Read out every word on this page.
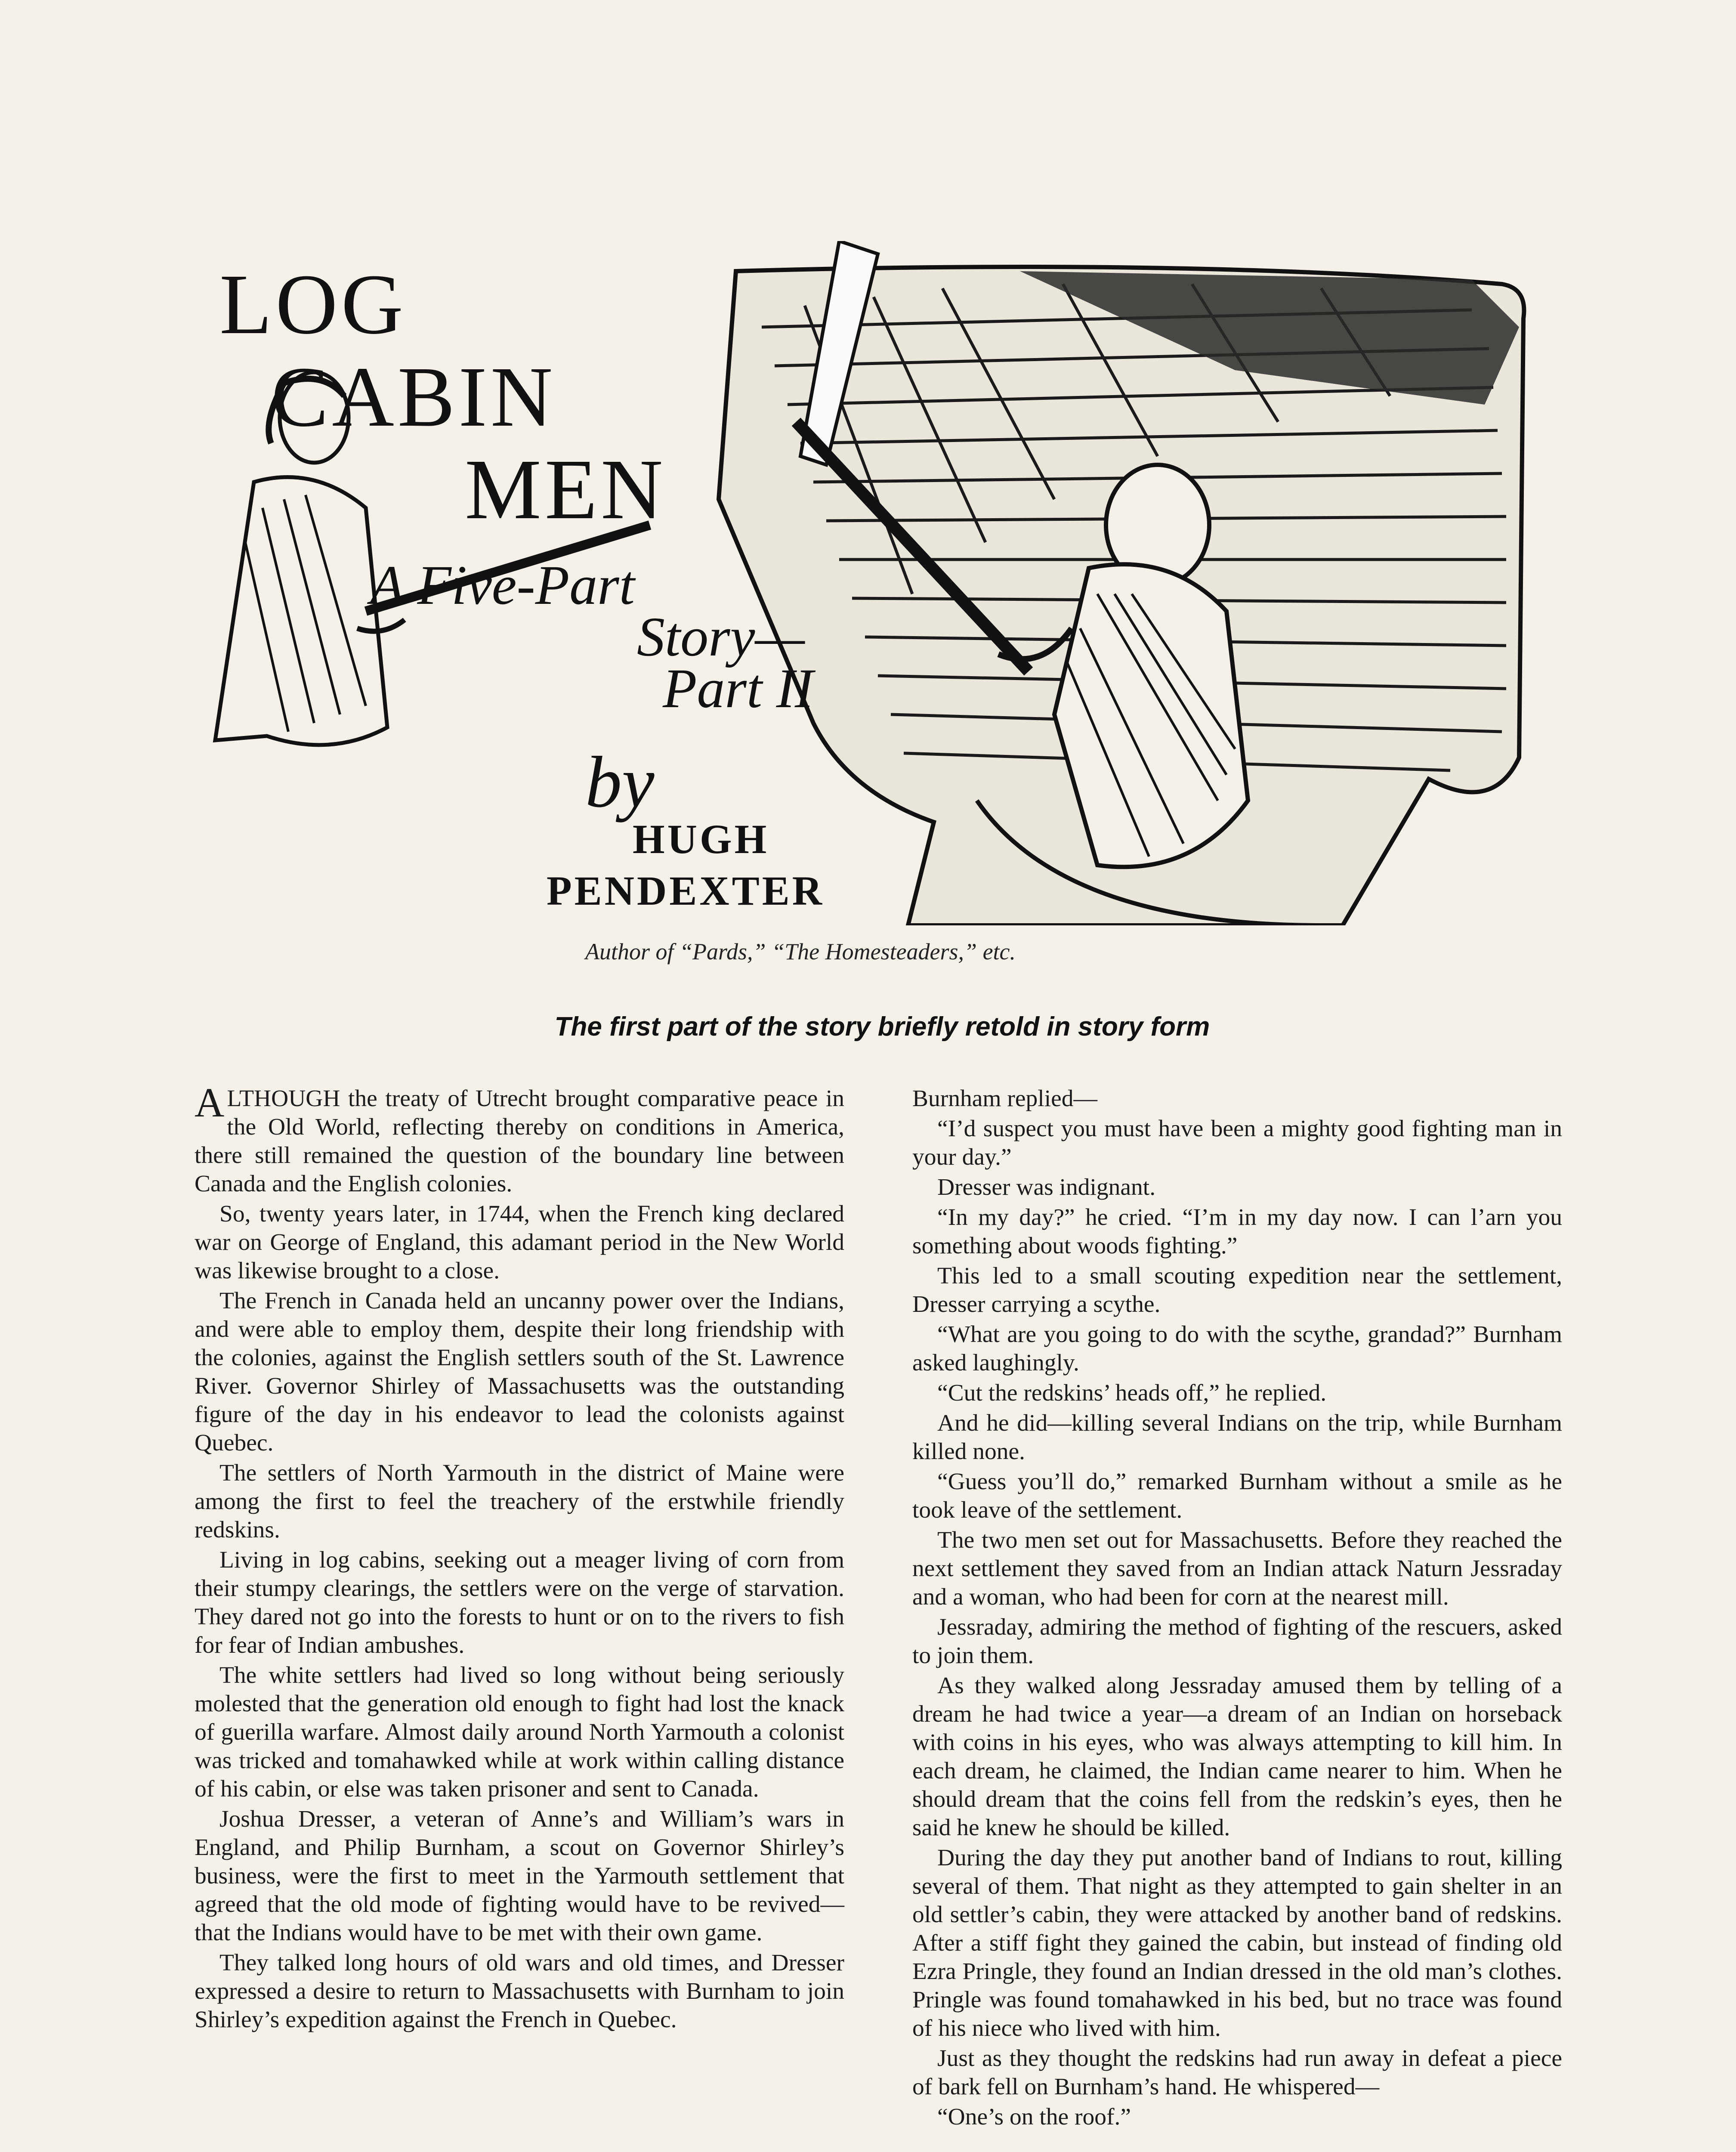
LOG
CABIN
MEN
A Five-Part
Story—
Part II
by
HUGH
PENDEXTER
Author of “Pards,” “The Homesteaders,” etc.
The first part of the story briefly retold in story form

ALTHOUGH the treaty of Utrecht brought comparative peace in the Old World, reflecting thereby on conditions in America, there still remained the question of the boundary line between Canada and the English colonies.

So, twenty years later, in 1744, when the French king declared war on George of England, this adamant period in the New World was likewise brought to a close.

The French in Canada held an uncanny power over the Indians, and were able to employ them, despite their long friendship with the colonies, against the English settlers south of the St. Lawrence River. Governor Shirley of Massachusetts was the outstanding figure of the day in his endeavor to lead the colonists against Quebec.

The settlers of North Yarmouth in the district of Maine were among the first to feel the treachery of the erstwhile friendly redskins.

Living in log cabins, seeking out a meager living of corn from their stumpy clearings, the settlers were on the verge of starvation. They dared not go into the forests to hunt or on to the rivers to fish for fear of Indian ambushes.

The white settlers had lived so long without being seriously molested that the generation old enough to fight had lost the knack of guerilla warfare. Almost daily around North Yarmouth a colonist was tricked and tomahawked while at work within calling distance of his cabin, or else was taken prisoner and sent to Canada.

Joshua Dresser, a veteran of Anne’s and William’s wars in England, and Philip Burnham, a scout on Governor Shirley’s business, were the first to meet in the Yarmouth settlement that agreed that the old mode of fighting would have to be revived—that the Indians would have to be met with their own game.

They talked long hours of old wars and old times, and Dresser expressed a desire to return to Massachusetts with Burnham to join Shirley’s expedition against the French in Quebec.

Burnham replied—

“I’d suspect you must have been a mighty good fighting man in your day.”

Dresser was indignant.

“In my day?” he cried. “I’m in my day now. I can l’arn you something about woods fighting.”

This led to a small scouting expedition near the settlement, Dresser carrying a scythe.

“What are you going to do with the scythe, grandad?” Burnham asked laughingly.

“Cut the redskins’ heads off,” he replied.

And he did—killing several Indians on the trip, while Burnham killed none.

“Guess you’ll do,” remarked Burnham without a smile as he took leave of the settlement.

The two men set out for Massachusetts. Before they reached the next settlement they saved from an Indian attack Naturn Jessraday and a woman, who had been for corn at the nearest mill.

Jessraday, admiring the method of fighting of the rescuers, asked to join them.

As they walked along Jessraday amused them by telling of a dream he had twice a year—a dream of an Indian on horseback with coins in his eyes, who was always attempting to kill him. In each dream, he claimed, the Indian came nearer to him. When he should dream that the coins fell from the redskin’s eyes, then he said he knew he should be killed.

During the day they put another band of Indians to rout, killing several of them. That night as they attempted to gain shelter in an old settler’s cabin, they were attacked by another band of redskins. After a stiff fight they gained the cabin, but instead of finding old Ezra Pringle, they found an Indian dressed in the old man’s clothes. Pringle was found tomahawked in his bed, but no trace was found of his niece who lived with him.

Just as they thought the redskins had run away in defeat a piece of bark fell on Burnham’s hand. He whispered—

“One’s on the roof.”
